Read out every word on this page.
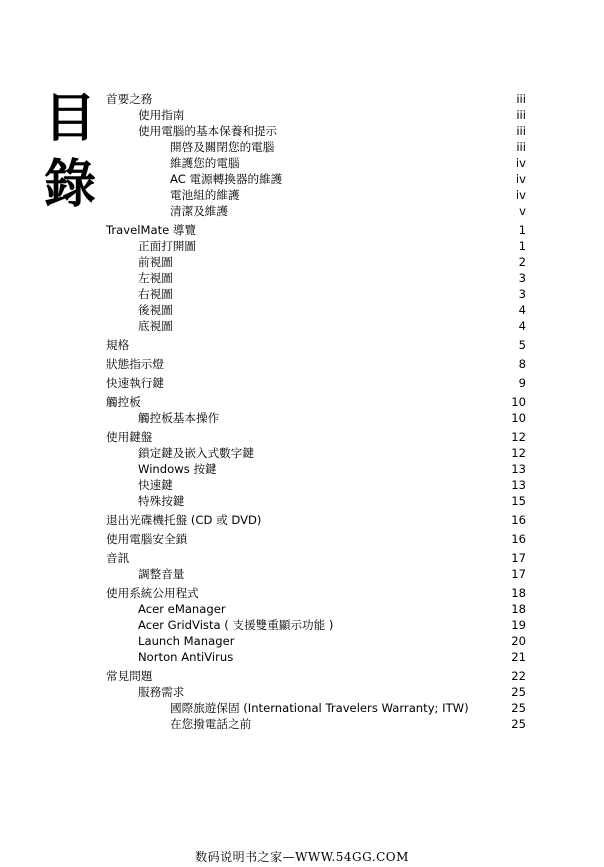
目
錄
首要之務	iii
使用指南	iii
使用電腦的基本保養和提示	iii
開啓及關閉您的電腦	iii
維護您的電腦	iv
AC 電源轉換器的維護	iv
電池組的維護	iv
清潔及維護	v
TravelMate 導覽	1
正面打開圖	1
前視圖	2
左視圖	3
右視圖	3
後視圖	4
底視圖	4
規格	5
狀態指示燈	8
快速執行鍵	9
觸控板	10
觸控板基本操作	10
使用鍵盤	12
鎖定鍵及嵌入式數字鍵	12
Windows 按鍵	13
快速鍵	13
特殊按鍵	15
退出光碟機托盤 (CD 或 DVD)	16
使用電腦安全鎖	16
音訊	17
調整音量	17
使用系統公用程式	18
Acer eManager	18
Acer GridVista ( 支援雙重顯示功能 )	19
Launch Manager	20
Norton AntiVirus	21
常見問題	22
服務需求	25
國際旅遊保固 (International Travelers Warranty; ITW)	25
在您撥電話之前	25
数码说明书之家—WWW.54GG.COM
